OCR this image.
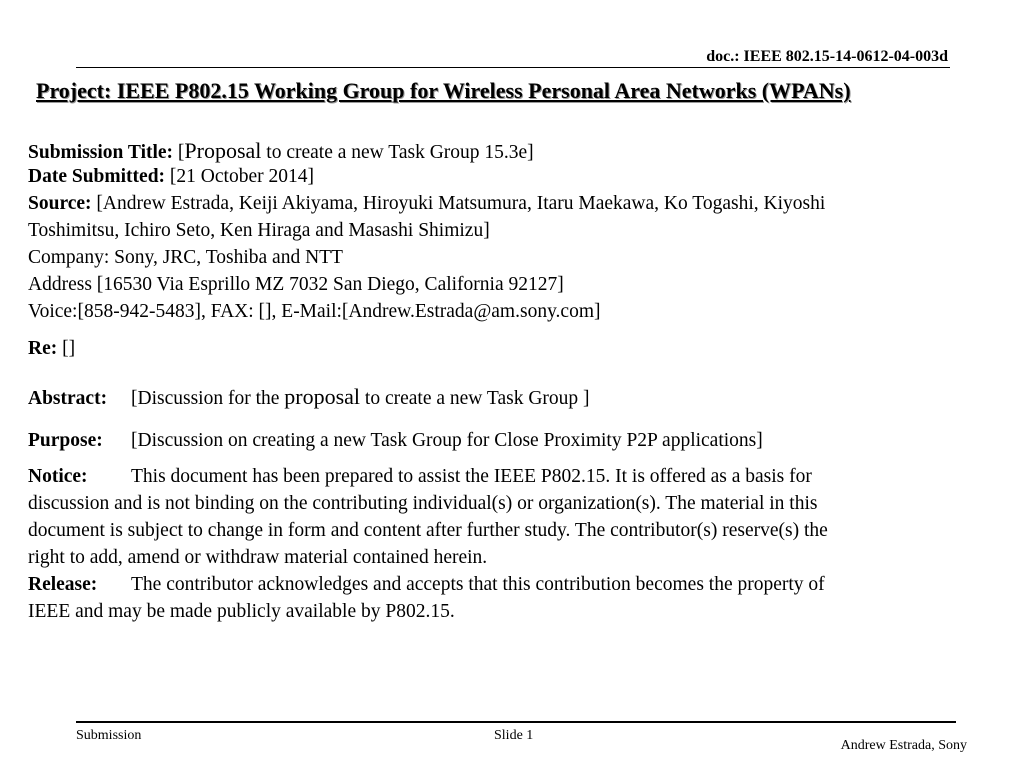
doc.: IEEE 802.15-14-0612-04-003d
Project: IEEE P802.15 Working Group for Wireless Personal Area Networks (WPANs)
Submission Title: [Proposal to create a new Task Group 15.3e]
Date Submitted: [21 October 2014]
Source: [Andrew Estrada, Keiji Akiyama, Hiroyuki Matsumura, Itaru Maekawa, Ko Togashi, Kiyoshi
Toshimitsu, Ichiro Seto, Ken Hiraga and Masashi Shimizu]
Company: Sony, JRC, Toshiba and NTT
Address [16530 Via Esprillo MZ 7032 San Diego, California 92127]
Voice:[858-942-5483], FAX: [], E-Mail:[Andrew.Estrada@am.sony.com]
Re: []
Abstract: [Discussion for the proposal to create a new Task Group ]
Purpose: [Discussion on creating a new Task Group for Close Proximity P2P applications]
Notice: This document has been prepared to assist the IEEE P802.15. It is offered as a basis for
discussion and is not binding on the contributing individual(s) or organization(s). The material in this
document is subject to change in form and content after further study. The contributor(s) reserve(s) the
right to add, amend or withdraw material contained herein.
Release: The contributor acknowledges and accepts that this contribution becomes the property of
IEEE and may be made publicly available by P802.15.
Submission	Slide 1
Andrew Estrada, Sony
